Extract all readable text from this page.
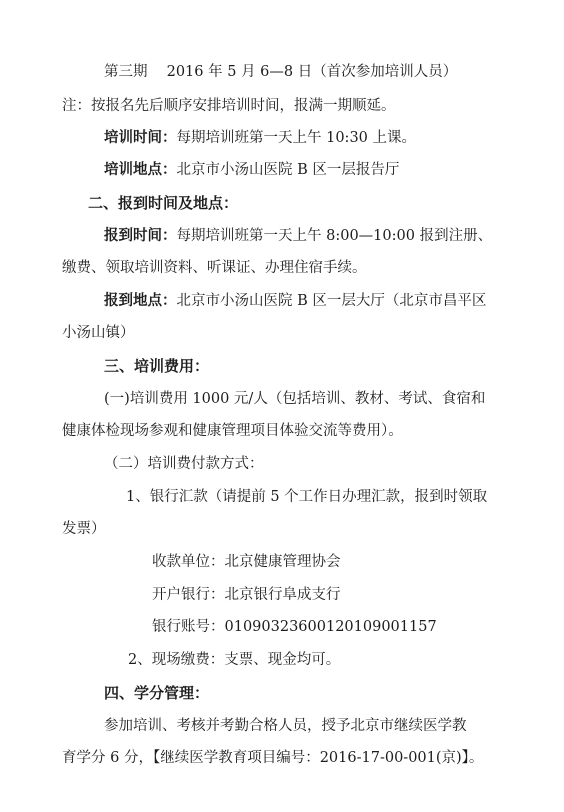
第三期　 2016 年 5 月 6—8 日（首次参加培训人员）
注：按报名先后顺序安排培训时间，报满一期顺延。
培训时间：每期培训班第一天上午 10:30 上课。
培训地点：北京市小汤山医院 B 区一层报告厅
二、报到时间及地点：
报到时间：每期培训班第一天上午 8:00—10:00 报到注册、
缴费、领取培训资料、听课证、办理住宿手续。
报到地点：北京市小汤山医院 B 区一层大厅（北京市昌平区
小汤山镇）
三、培训费用：
(一)培训费用 1000 元/人（包括培训、教材、考试、食宿和
健康体检现场参观和健康管理项目体验交流等费用）。
（二）培训费付款方式：
1、银行汇款（请提前 5 个工作日办理汇款，报到时领取
发票）
收款单位：北京健康管理协会
开户银行：北京银行阜成支行
银行账号：01090323600120109001157
2、现场缴费：支票、现金均可。
四、学分管理：
参加培训、考核并考勤合格人员，授予北京市继续医学教
育学分 6 分，【继续医学教育项目编号：2016-17-00-001(京)】。
